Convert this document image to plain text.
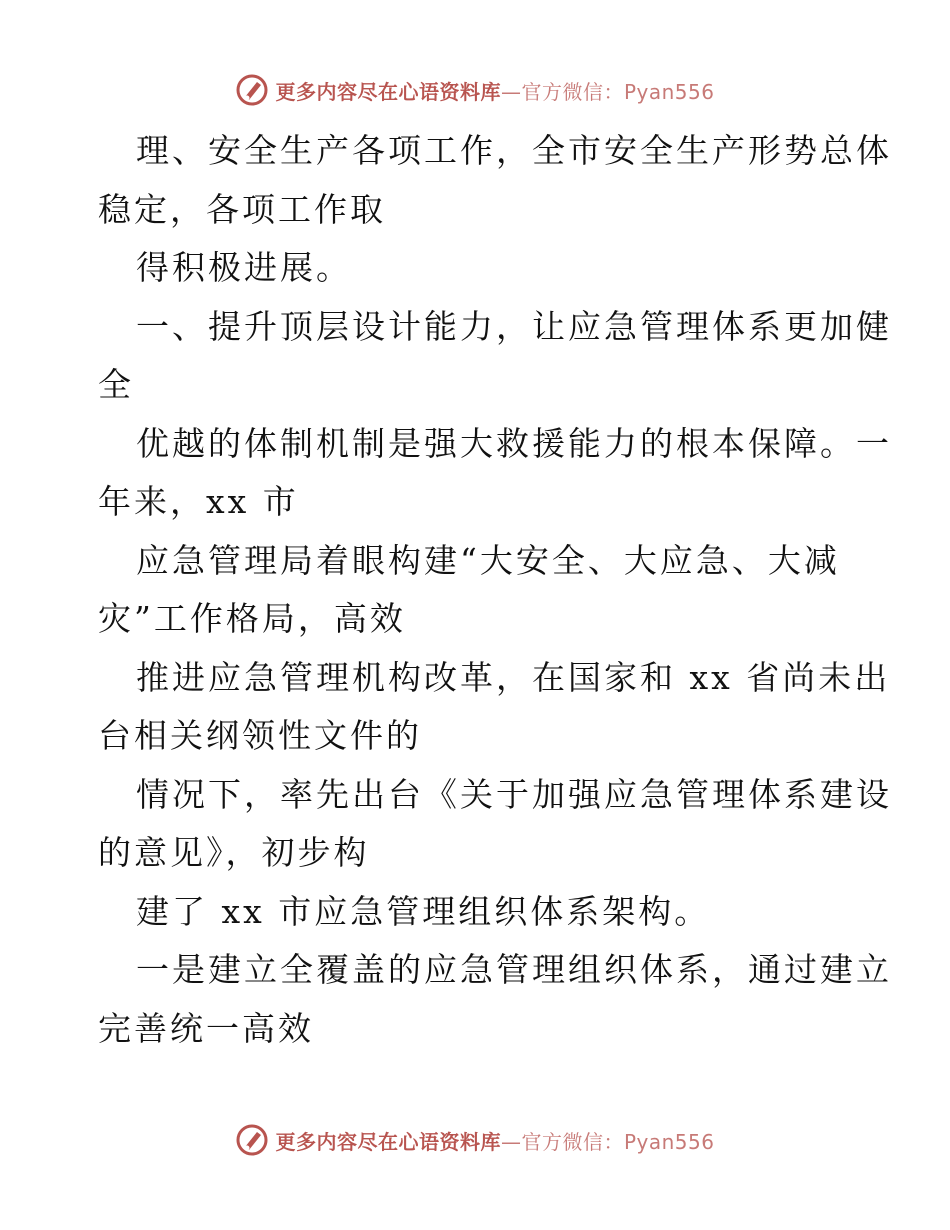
更多内容尽在心语资料库—官方微信：Pyan556
理、安全生产各项工作，全市安全生产形势总体
稳定，各项工作取
得积极进展。
一、提升顶层设计能力，让应急管理体系更加健
全
优越的体制机制是强大救援能力的根本保障。一
年来，xx 市
应急管理局着眼构建“大安全、大应急、大减
灾”工作格局，高效
推进应急管理机构改革，在国家和 xx 省尚未出
台相关纲领性文件的
情况下，率先出台《关于加强应急管理体系建设
的意见》，初步构
建了 xx 市应急管理组织体系架构。
一是建立全覆盖的应急管理组织体系，通过建立
完善统一高效
更多内容尽在心语资料库—官方微信：Pyan556
